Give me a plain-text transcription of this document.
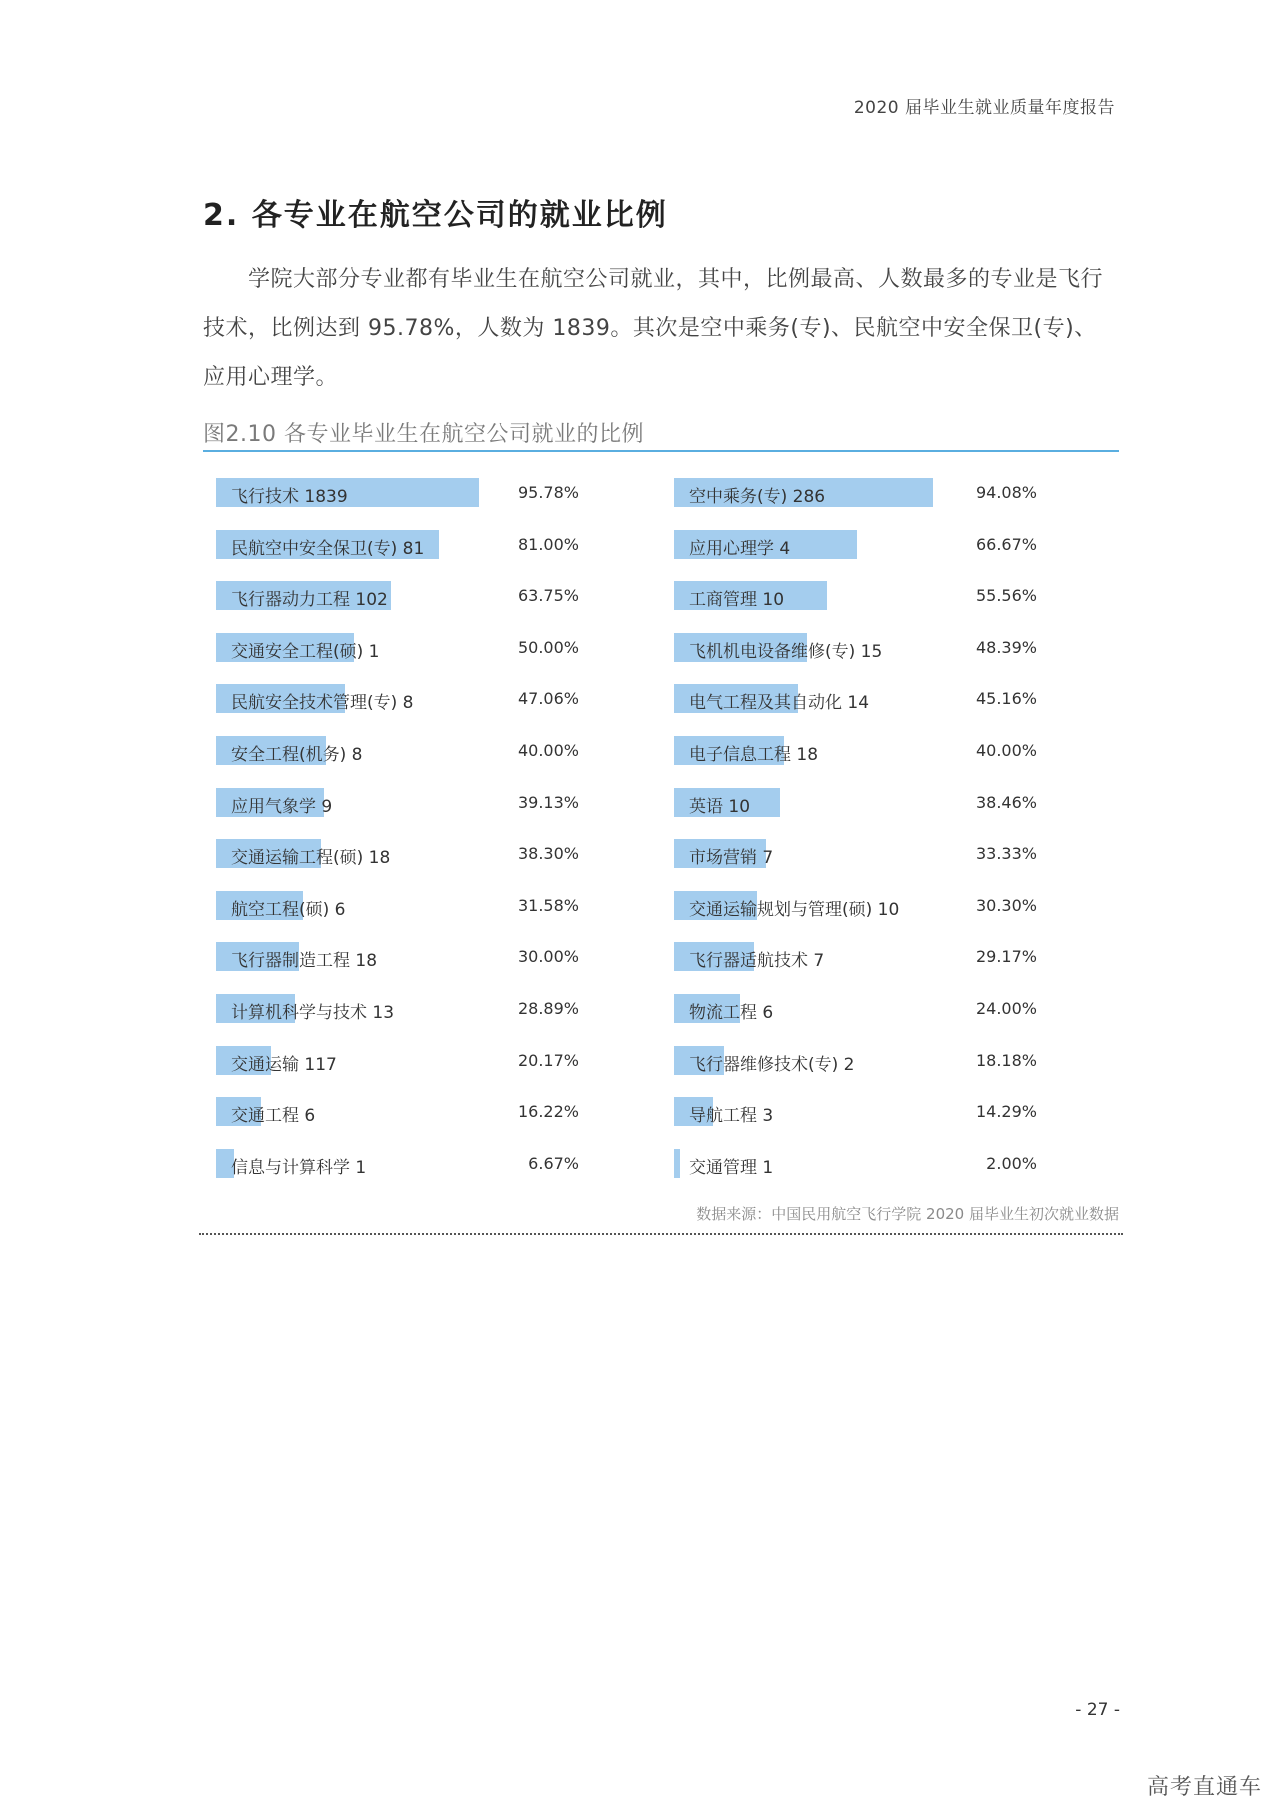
2020 届毕业生就业质量年度报告
2. 各专业在航空公司的就业比例

学院大部分专业都有毕业生在航空公司就业，其中，比例最高、人数最多的专业是飞行技术，比例达到 95.78%，人数为 1839。其次是空中乘务(专)、民航空中安全保卫(专)、应用心理学。

图2.10 各专业毕业生在航空公司就业的比例
飞行技术 1839	95.78%
民航空中安全保卫(专) 81	81.00%
飞行器动力工程 102	63.75%
交通安全工程(硕) 1	50.00%
民航安全技术管理(专) 8	47.06%
安全工程(机务) 8	40.00%
应用气象学 9	39.13%
交通运输工程(硕) 18	38.30%
航空工程(硕) 6	31.58%
飞行器制造工程 18	30.00%
计算机科学与技术 13	28.89%
交通运输 117	20.17%
交通工程 6	16.22%
信息与计算科学 1	6.67%
空中乘务(专) 286	94.08%
应用心理学 4	66.67%
工商管理 10	55.56%
飞机机电设备维修(专) 15	48.39%
电气工程及其自动化 14	45.16%
电子信息工程 18	40.00%
英语 10	38.46%
市场营销 7	33.33%
交通运输规划与管理(硕) 10	30.30%
飞行器适航技术 7	29.17%
物流工程 6	24.00%
飞行器维修技术(专) 2	18.18%
导航工程 3	14.29%
交通管理 1	2.00%
数据来源：中国民用航空飞行学院 2020 届毕业生初次就业数据
- 27 -
高考直通车
